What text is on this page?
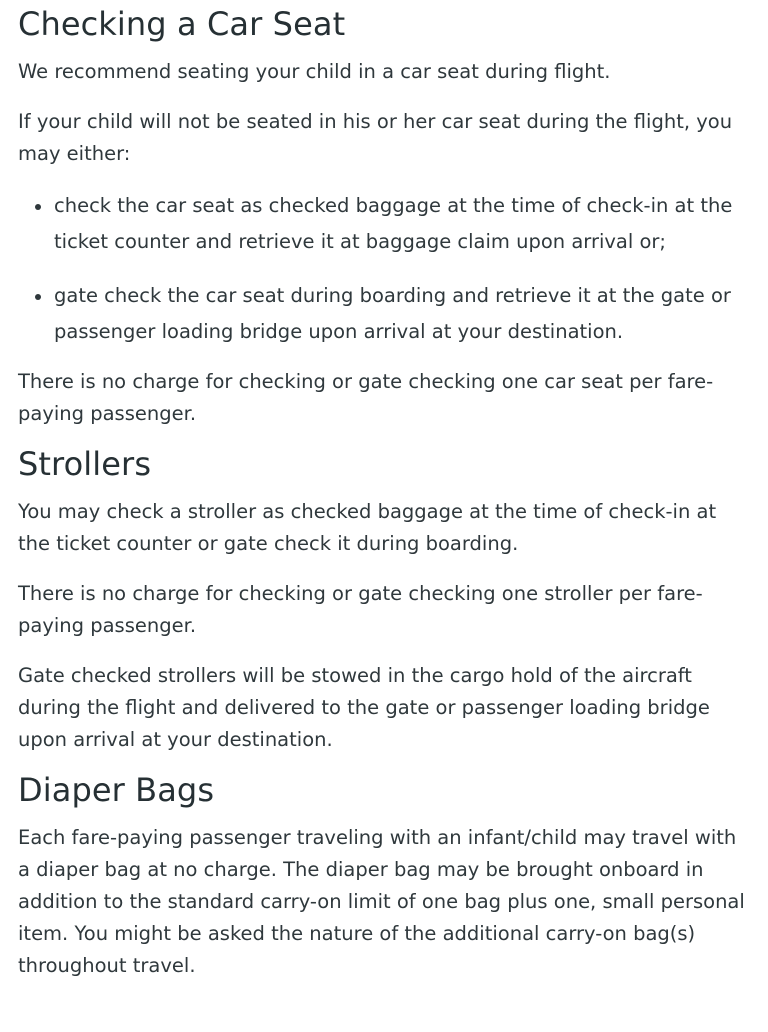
Checking a Car Seat

We recommend seating your child in a car seat during flight.

If your child will not be seated in his or her car seat during the flight, you may either:

check the car seat as checked baggage at the time of check-in at the ticket counter and retrieve it at baggage claim upon arrival or;
gate check the car seat during boarding and retrieve it at the gate or passenger loading bridge upon arrival at your destination.

There is no charge for checking or gate checking one car seat per fare-paying passenger.

Strollers

You may check a stroller as checked baggage at the time of check-in at the ticket counter or gate check it during boarding.

There is no charge for checking or gate checking one stroller per fare-paying passenger.

Gate checked strollers will be stowed in the cargo hold of the aircraft during the flight and delivered to the gate or passenger loading bridge upon arrival at your destination.

Diaper Bags

Each fare-paying passenger traveling with an infant/child may travel with a diaper bag at no charge. The diaper bag may be brought onboard in addition to the standard carry-on limit of one bag plus one, small personal item. You might be asked the nature of the additional carry-on bag(s) throughout travel.
